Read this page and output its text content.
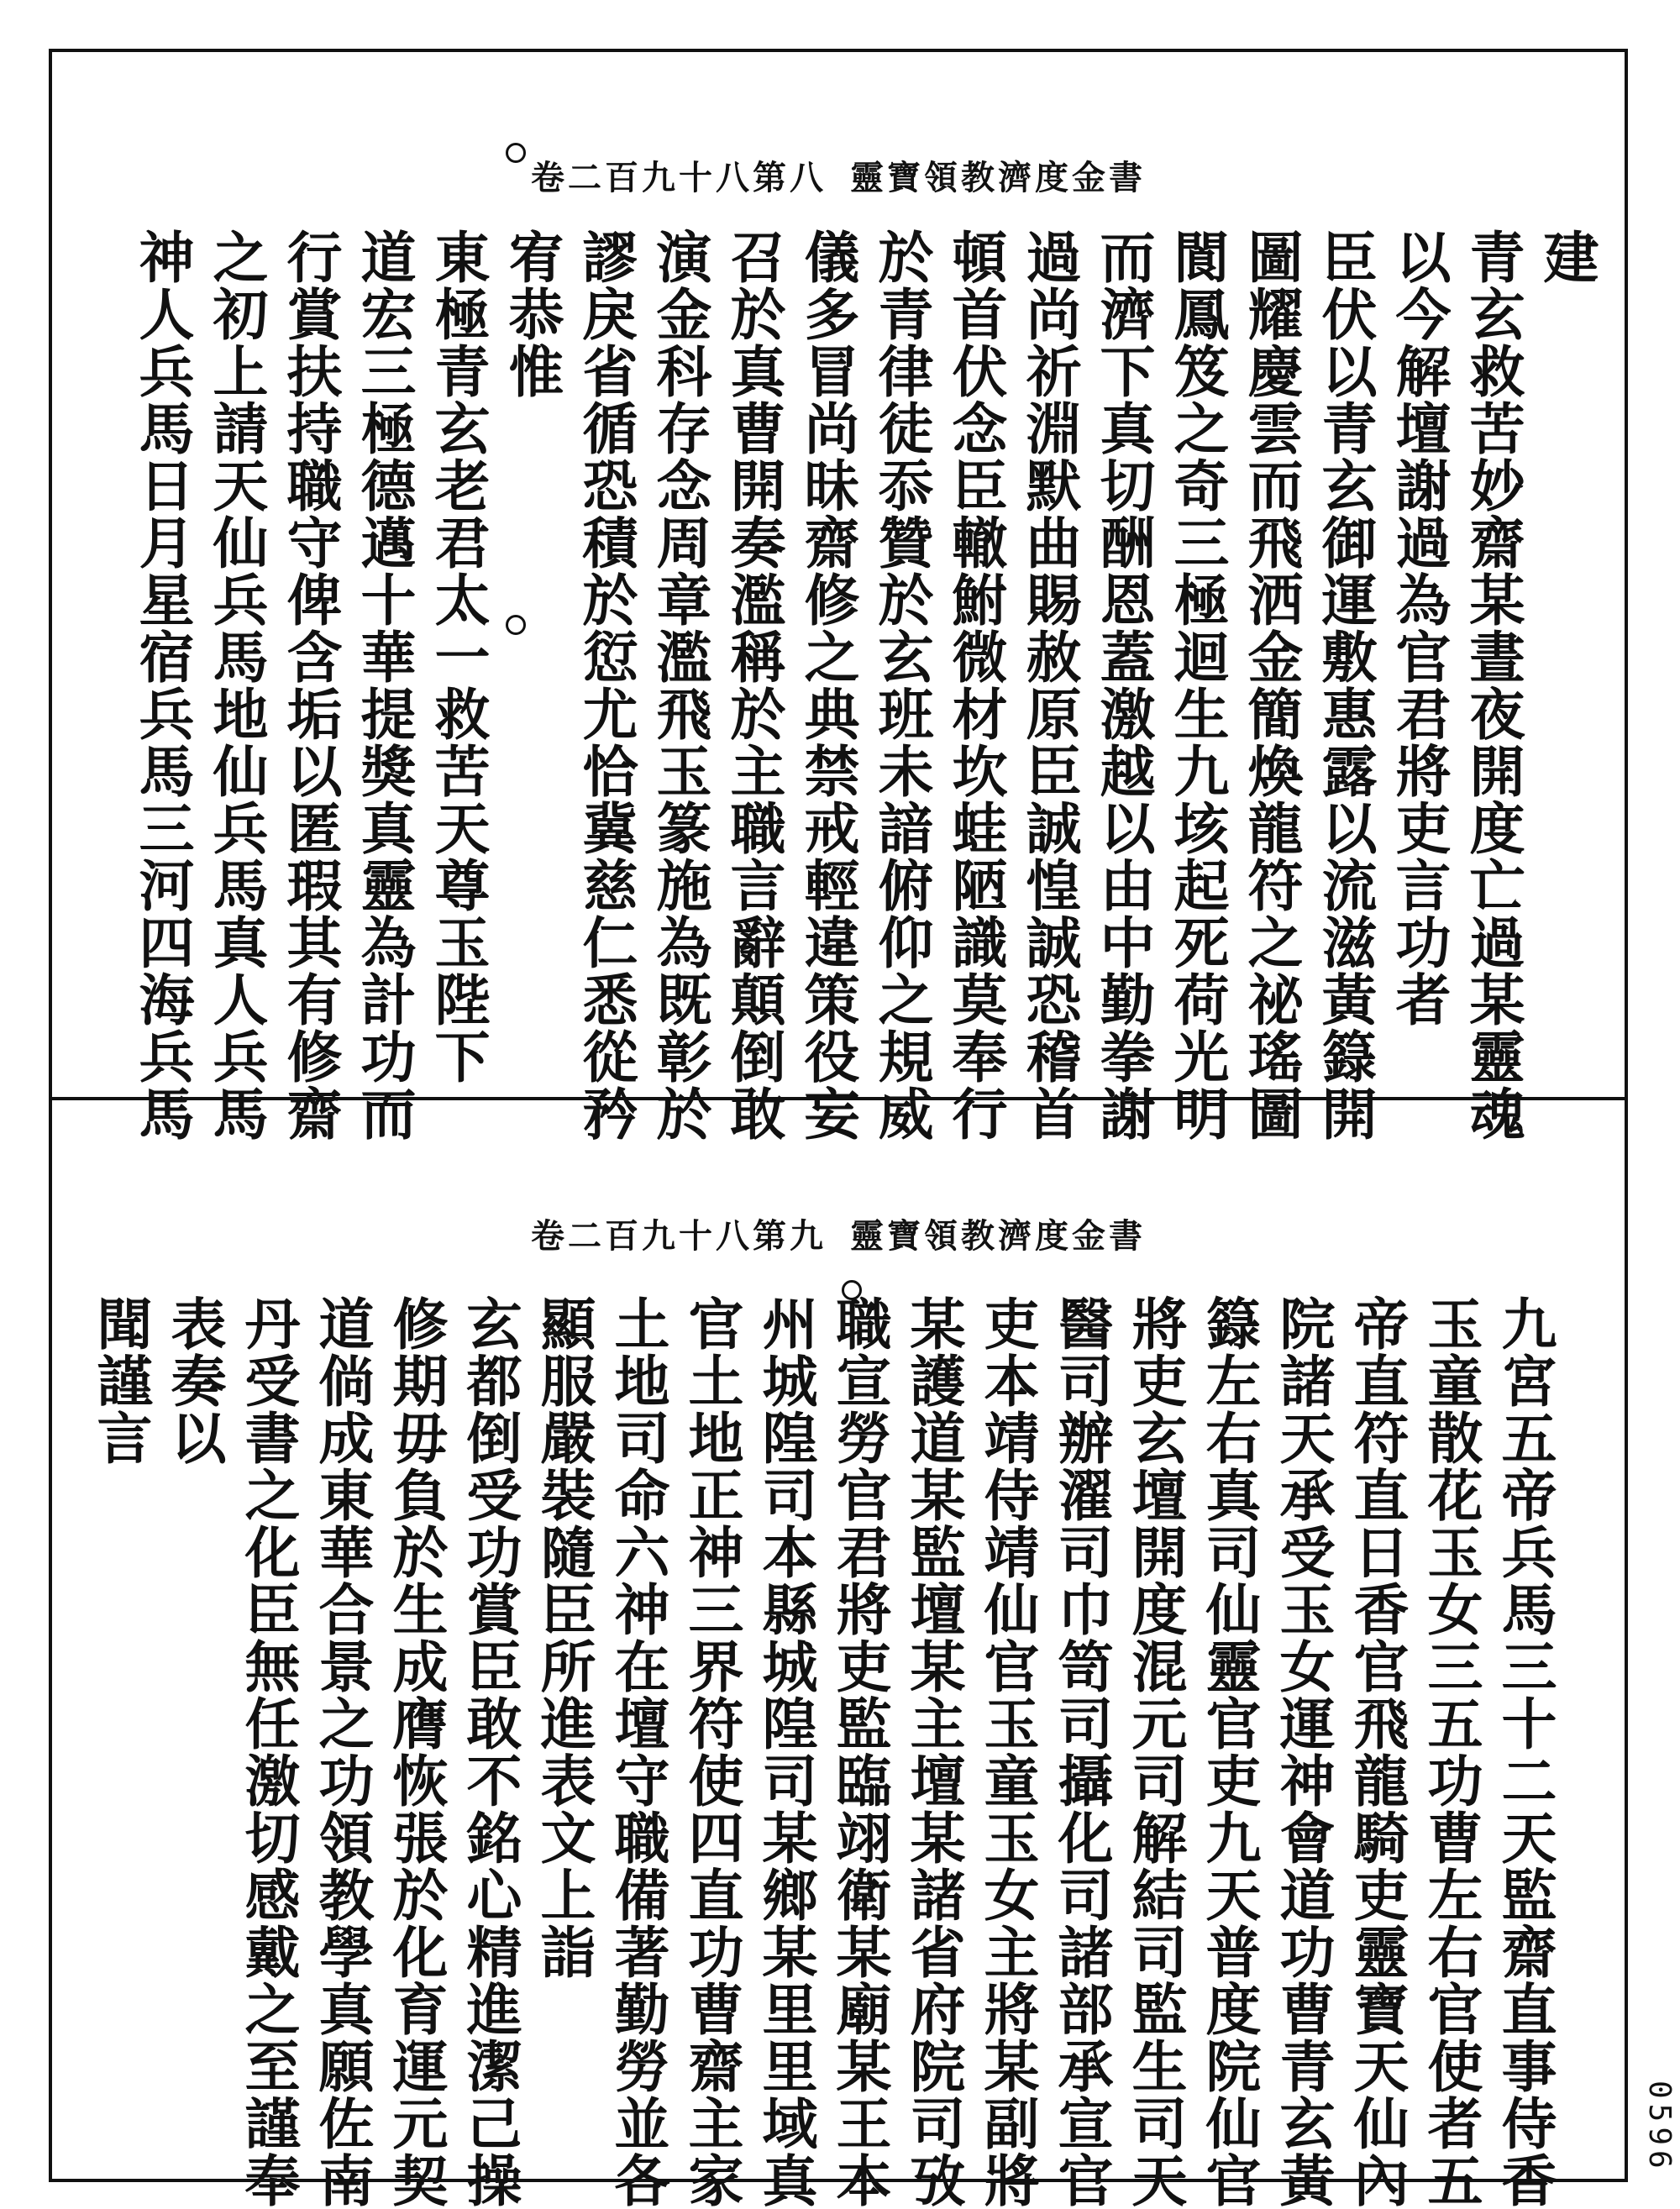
卷二百九十八第八 靈寶領教濟度金書
建
青玄救苦妙齋某晝夜開度亡過某靈魂
以今解壇謝過為官君將吏言功者
臣伏以青玄御運敷惠露以流滋黃籙開
圖耀慶雲而飛洒金簡煥龍符之祕瑤圖
閬鳳笈之奇三極迴生九垓起死荷光明
而濟下真切酬恩蓋激越以由中勤拳謝
過尚祈淵默曲賜赦原臣誠惶誠恐稽首
頓首伏念臣轍鮒微材坎蛙陋識莫奉行
於青律徒忝贊於玄班未諳俯仰之規威
儀多冒尚昧齋修之典禁戒輕違策役妄
召於真曹開奏濫稱於主職言辭顛倒敢
演金科存念周章濫飛玉篆施為既彰於
謬戾省循恐積於愆尤恰冀慈仁悉從矜
宥恭惟
東極青玄老君太一救苦天尊玉陛下
道宏三極德邁十華提獎真靈為計功而
行賞扶持職守俾含垢以匿瑕其有修齋
之初上請天仙兵馬地仙兵馬真人兵馬
神人兵馬日月星宿兵馬三河四海兵馬
卷二百九十八第九 靈寶領教濟度金書
九宮五帝兵馬三十二天監齋直事侍香
玉童散花玉女三五功曹左右官使者五
帝直符直日香官飛龍騎吏靈寶天仙內
院諸天承受玉女運神會道功曹青玄黃
籙左右真司仙靈官吏九天普度院仙官
將吏玄壇開度混元司解結司監生司天
醫司辦濯司巾笥司攝化司諸部承宣官
吏本靖侍靖仙官玉童玉女主將某副將
某護道某監壇某主壇某諸省府院司攷
職宣勞官君將吏監臨翊衛某廟某王本
州城隍司本縣城隍司某鄉某里里域真
官土地正神三界符使四直功曹齋主家
土地司命六神在壇守職備著勤勞並各
顯服嚴裝隨臣所進表文上詣
玄都倒受功賞臣敢不銘心精進潔己操
修期毋負於生成膺恢張於化育運元契
道倘成東華合景之功領教學真願佐南
丹受書之化臣無任激切感戴之至謹奉
表奏以
聞謹言
0596
